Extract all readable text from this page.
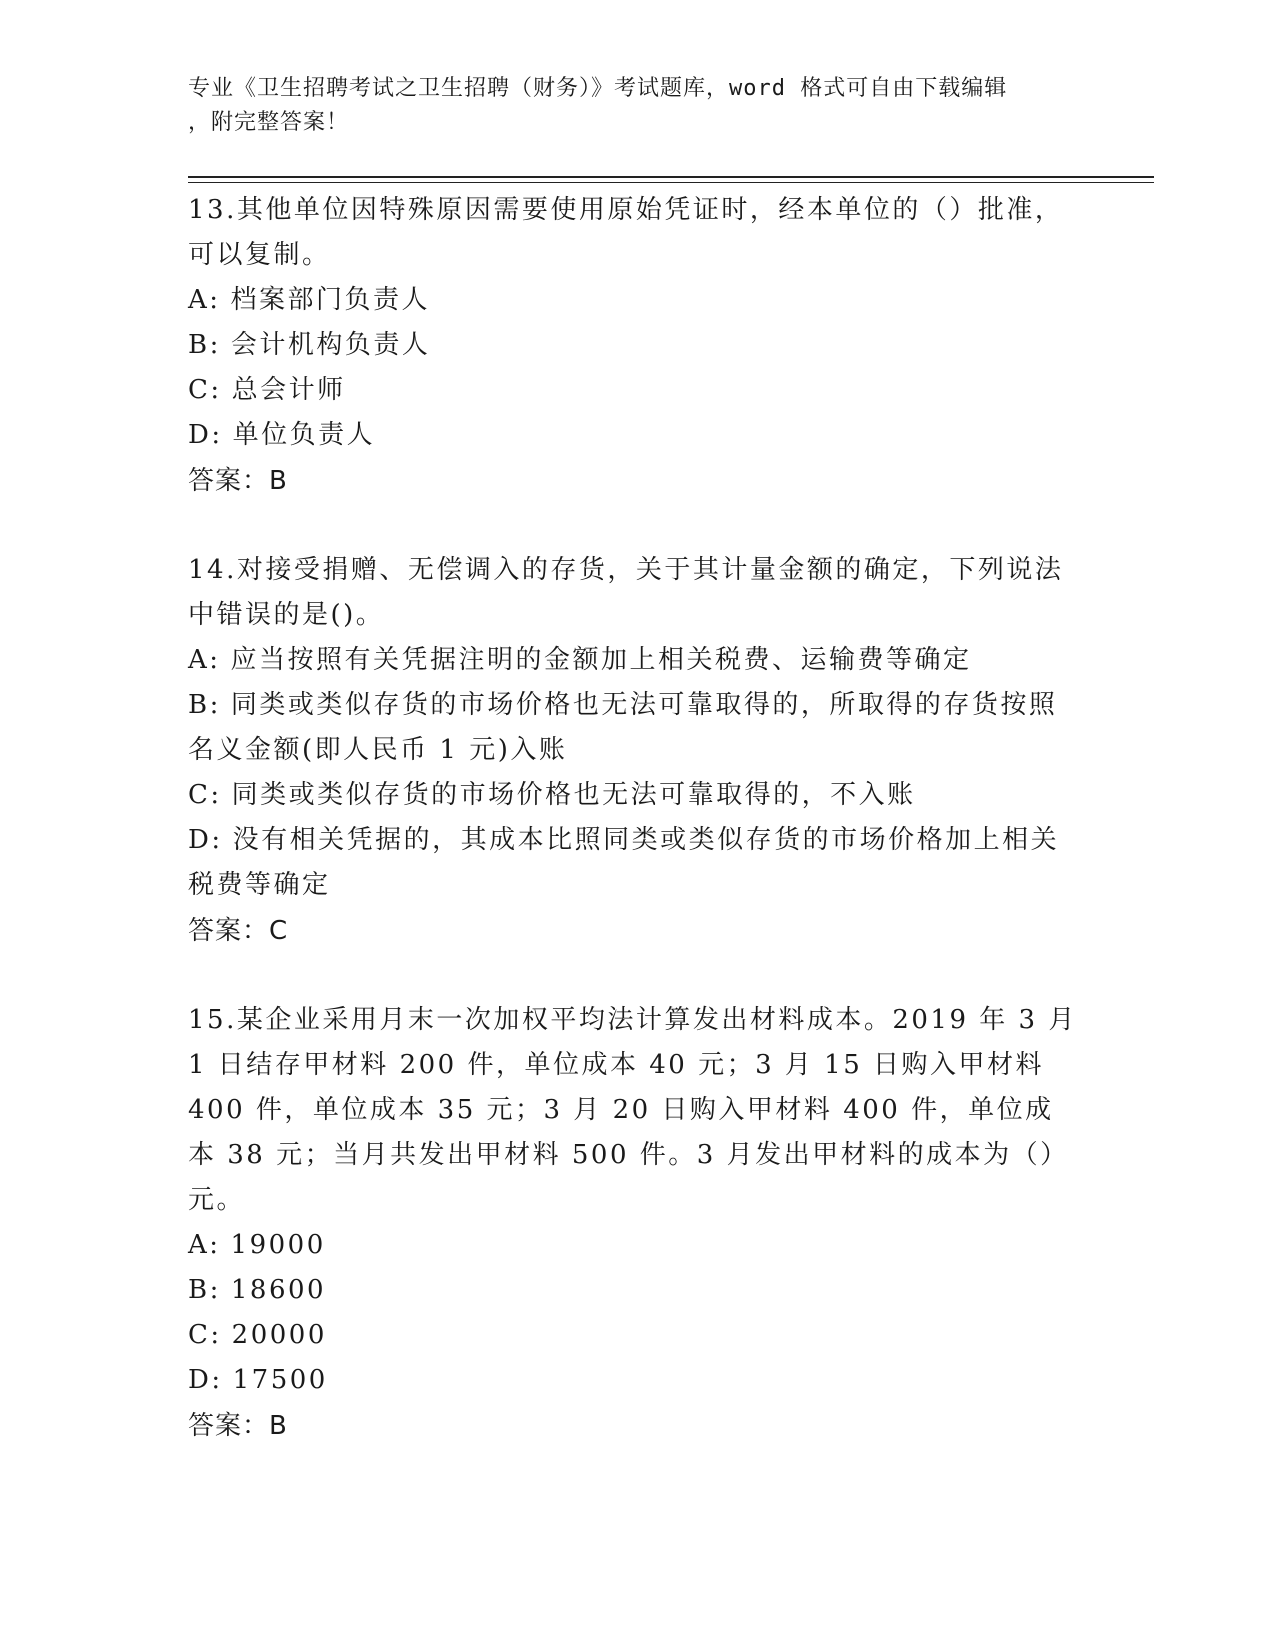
专业《卫生招聘考试之卫生招聘（财务）》考试题库，word 格式可自由下载编辑
，附完整答案！

13.其他单位因特殊原因需要使用原始凭证时，经本单位的（）批准，可以复制。

A: 档案部门负责人

B: 会计机构负责人

C: 总会计师

D: 单位负责人

答案：B

14.对接受捐赠、无偿调入的存货，关于其计量金额的确定，下列说法中错误的是()。

A: 应当按照有关凭据注明的金额加上相关税费、运输费等确定

B: 同类或类似存货的市场价格也无法可靠取得的，所取得的存货按照名义金额(即人民币 1 元)入账

C: 同类或类似存货的市场价格也无法可靠取得的，不入账

D: 没有相关凭据的，其成本比照同类或类似存货的市场价格加上相关税费等确定

答案：C

15.某企业采用月末一次加权平均法计算发出材料成本。2019 年 3 月 1 日结存甲材料 200 件，单位成本 40 元；3 月 15 日购入甲材料 400 件，单位成本 35 元；3 月 20 日购入甲材料 400 件，单位成本 38 元；当月共发出甲材料 500 件。3 月发出甲材料的成本为（）元。

A: 19000

B: 18600

C: 20000

D: 17500

答案：B
